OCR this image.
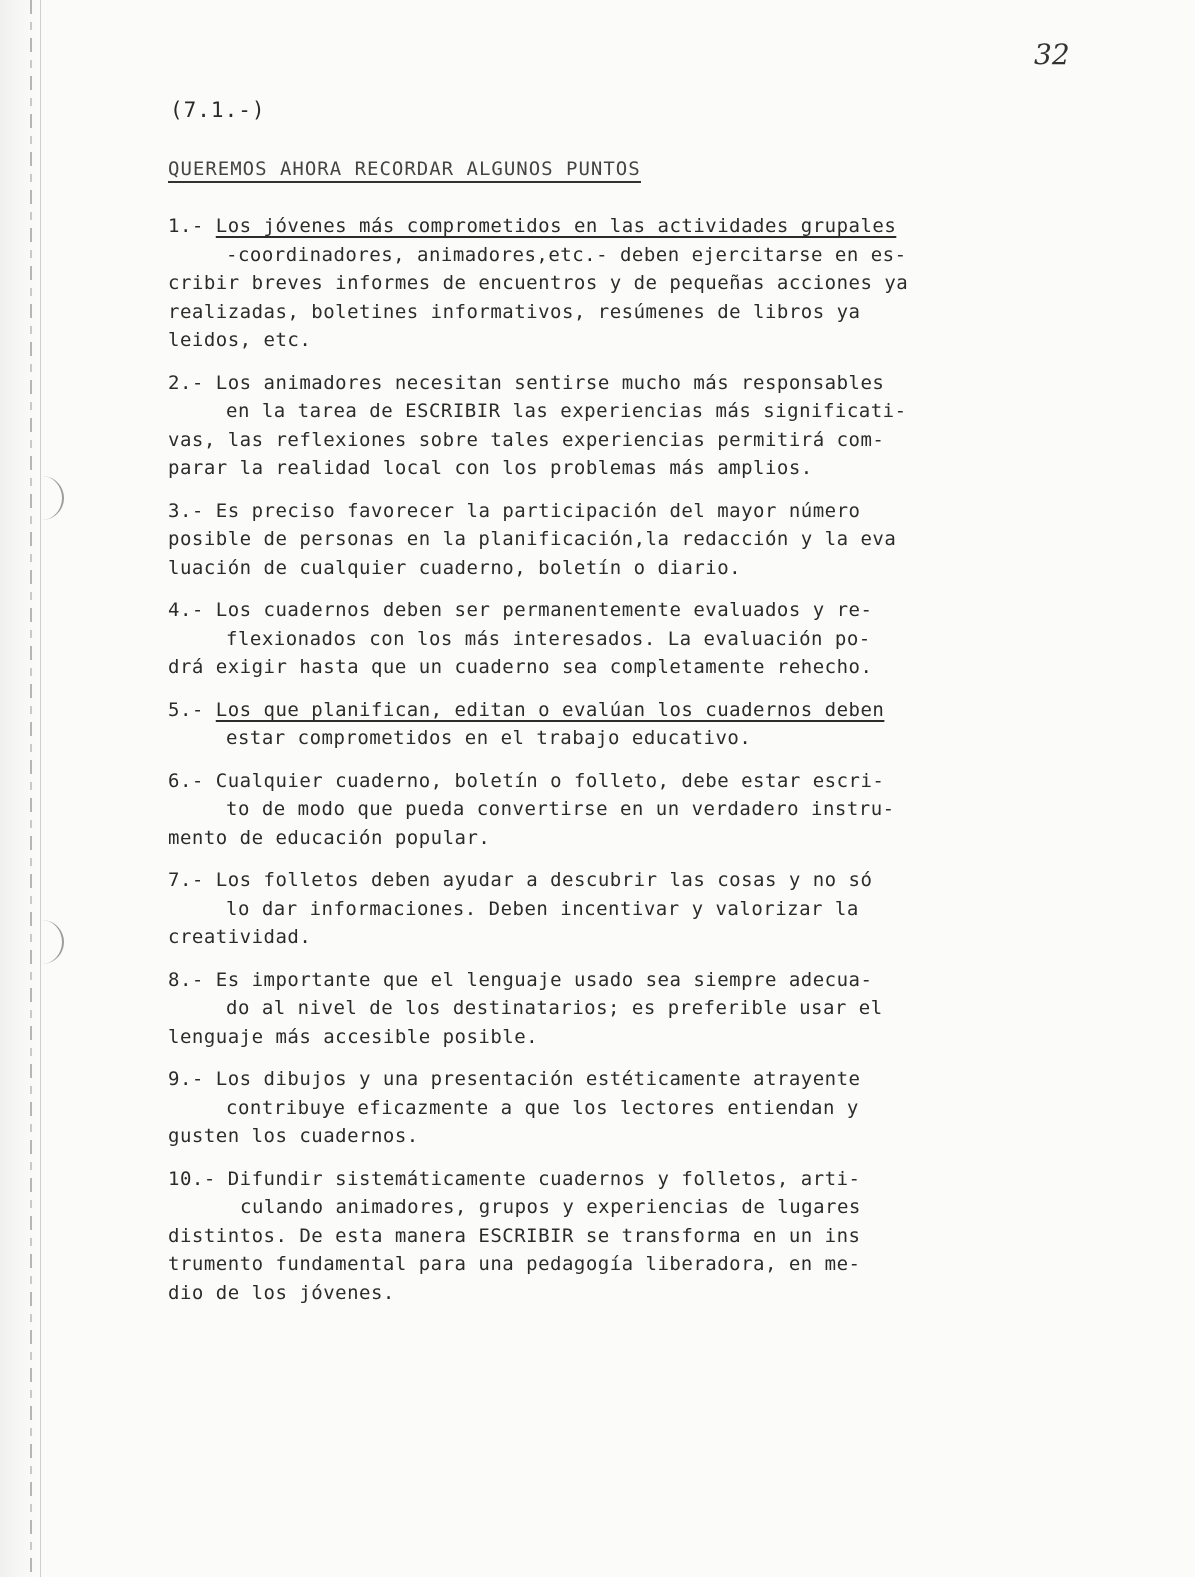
32
(7.1.-)
QUEREMOS AHORA RECORDAR ALGUNOS PUNTOS
1.- Los jóvenes más comprometidos en las actividades grupales
-coordinadores, animadores,etc.- deben ejercitarse en es-
cribir breves informes de encuentros y de pequeñas acciones ya
realizadas, boletines informativos, resúmenes de libros ya
leidos, etc.
2.- Los animadores necesitan sentirse mucho más responsables
en la tarea de ESCRIBIR las experiencias más significati-
vas, las reflexiones sobre tales experiencias permitirá com-
parar la realidad local con los problemas más amplios.
3.- Es preciso favorecer la participación del mayor número
posible de personas en la planificación,la redacción y la eva
luación de cualquier cuaderno, boletín o diario.
4.- Los cuadernos deben ser permanentemente evaluados y re-
flexionados con los más interesados. La evaluación po-
drá exigir hasta que un cuaderno sea completamente rehecho.
5.- Los que planifican, editan o evalúan los cuadernos deben
estar comprometidos en el trabajo educativo.
6.- Cualquier cuaderno, boletín o folleto, debe estar escri-
to de modo que pueda convertirse en un verdadero instru-
mento de educación popular.
7.- Los folletos deben ayudar a descubrir las cosas y no só
lo dar informaciones. Deben incentivar y valorizar la
creatividad.
8.- Es importante que el lenguaje usado sea siempre adecua-
do al nivel de los destinatarios; es preferible usar el
lenguaje más accesible posible.
9.- Los dibujos y una presentación estéticamente atrayente
contribuye eficazmente a que los lectores entiendan y
gusten los cuadernos.
10.- Difundir sistemáticamente cuadernos y folletos, arti-
culando animadores, grupos y experiencias de lugares
distintos. De esta manera ESCRIBIR se transforma en un ins
trumento fundamental para una pedagogía liberadora, en me-
dio de los jóvenes.
